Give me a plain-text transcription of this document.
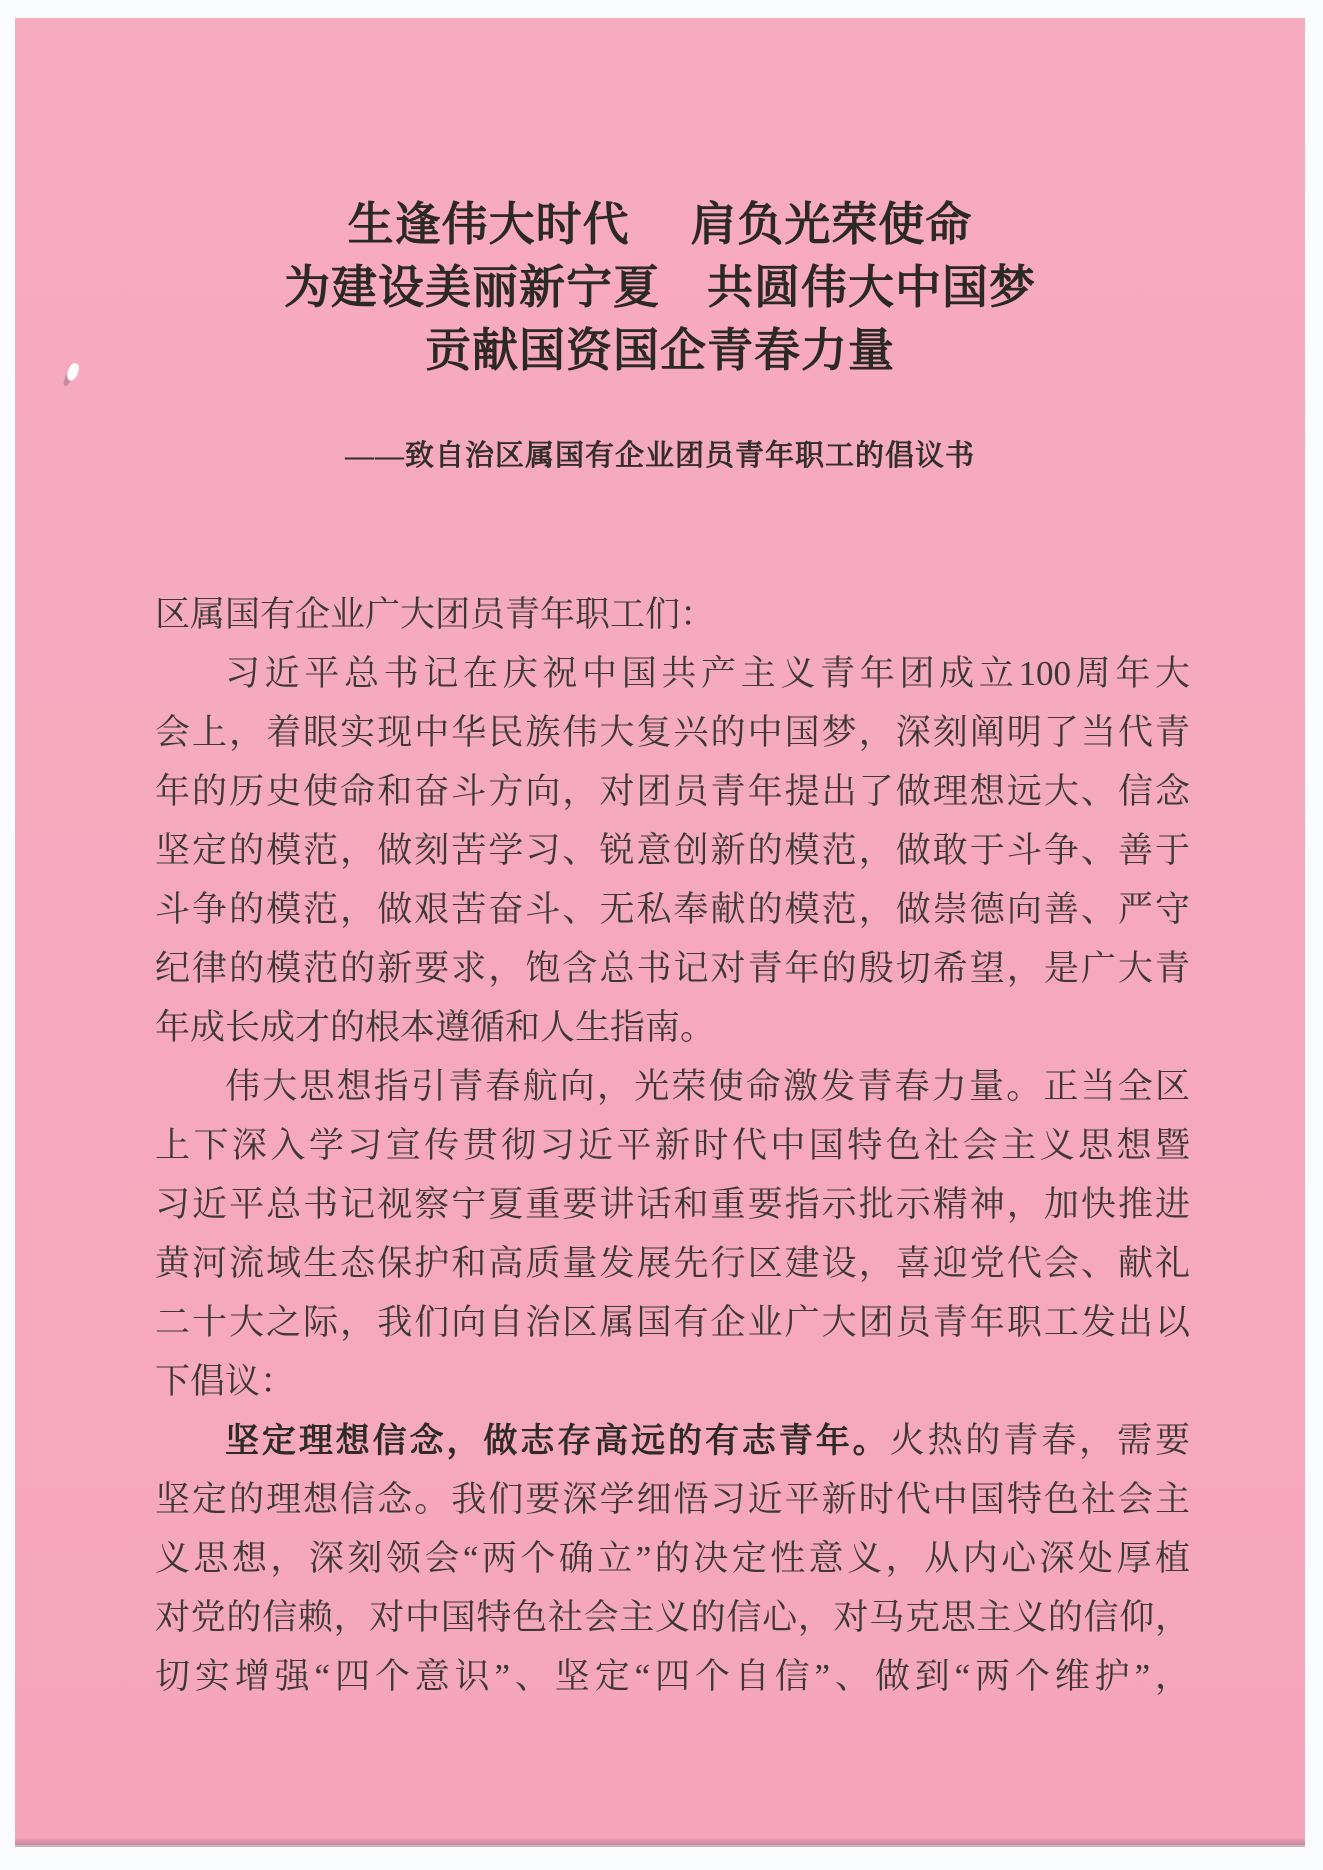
生逢伟大时代　 肩负光荣使命
为建设美丽新宁夏　共圆伟大中国梦
贡献国资国企青春力量
——致自治区属国有企业团员青年职工的倡议书
区属国有企业广大团员青年职工们：
习近平总书记在庆祝中国共产主义青年团成立100周年大
会上，着眼实现中华民族伟大复兴的中国梦，深刻阐明了当代青
年的历史使命和奋斗方向，对团员青年提出了做理想远大、信念
坚定的模范，做刻苦学习、锐意创新的模范，做敢于斗争、善于
斗争的模范，做艰苦奋斗、无私奉献的模范，做崇德向善、严守
纪律的模范的新要求，饱含总书记对青年的殷切希望，是广大青
年成长成才的根本遵循和人生指南。
伟大思想指引青春航向，光荣使命激发青春力量。正当全区
上下深入学习宣传贯彻习近平新时代中国特色社会主义思想暨
习近平总书记视察宁夏重要讲话和重要指示批示精神，加快推进
黄河流域生态保护和高质量发展先行区建设，喜迎党代会、献礼
二十大之际，我们向自治区属国有企业广大团员青年职工发出以
下倡议：
坚定理想信念，做志存高远的有志青年。火热的青春，需要
坚定的理想信念。我们要深学细悟习近平新时代中国特色社会主
义思想，深刻领会“两个确立”的决定性意义，从内心深处厚植
对党的信赖，对中国特色社会主义的信心，对马克思主义的信仰，
切实增强“四个意识”、坚定“四个自信”、做到“两个维护”，
